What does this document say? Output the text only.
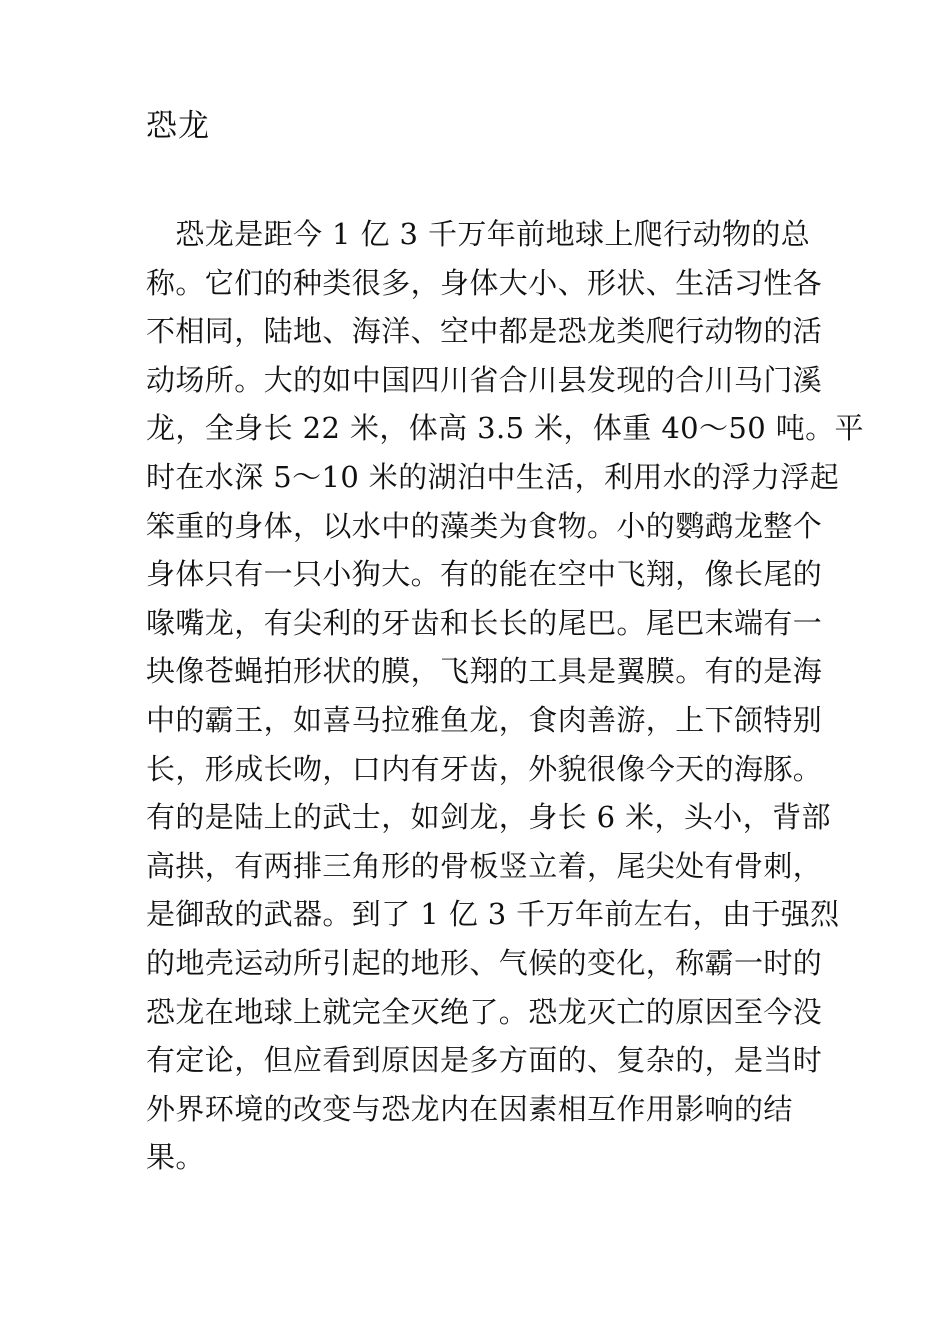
恐龙

　恐龙是距今 1 亿 3 千万年前地球上爬行动物的总
称。它们的种类很多，身体大小、形状、生活习性各
不相同，陆地、海洋、空中都是恐龙类爬行动物的活
动场所。大的如中国四川省合川县发现的合川马门溪
龙，全身长 22 米，体高 3.5 米，体重 40～50 吨。平
时在水深 5～10 米的湖泊中生活，利用水的浮力浮起
笨重的身体，以水中的藻类为食物。小的鹦鹉龙整个
身体只有一只小狗大。有的能在空中飞翔，像长尾的
喙嘴龙，有尖利的牙齿和长长的尾巴。尾巴末端有一
块像苍蝇拍形状的膜，飞翔的工具是翼膜。有的是海
中的霸王，如喜马拉雅鱼龙，食肉善游，上下颌特别
长，形成长吻，口内有牙齿，外貌很像今天的海豚。
有的是陆上的武士，如剑龙，身长 6 米，头小，背部
高拱，有两排三角形的骨板竖立着，尾尖处有骨刺，
是御敌的武器。到了 1 亿 3 千万年前左右，由于强烈
的地壳运动所引起的地形、气候的变化，称霸一时的
恐龙在地球上就完全灭绝了。恐龙灭亡的原因至今没
有定论，但应看到原因是多方面的、复杂的，是当时
外界环境的改变与恐龙内在因素相互作用影响的结
果。
